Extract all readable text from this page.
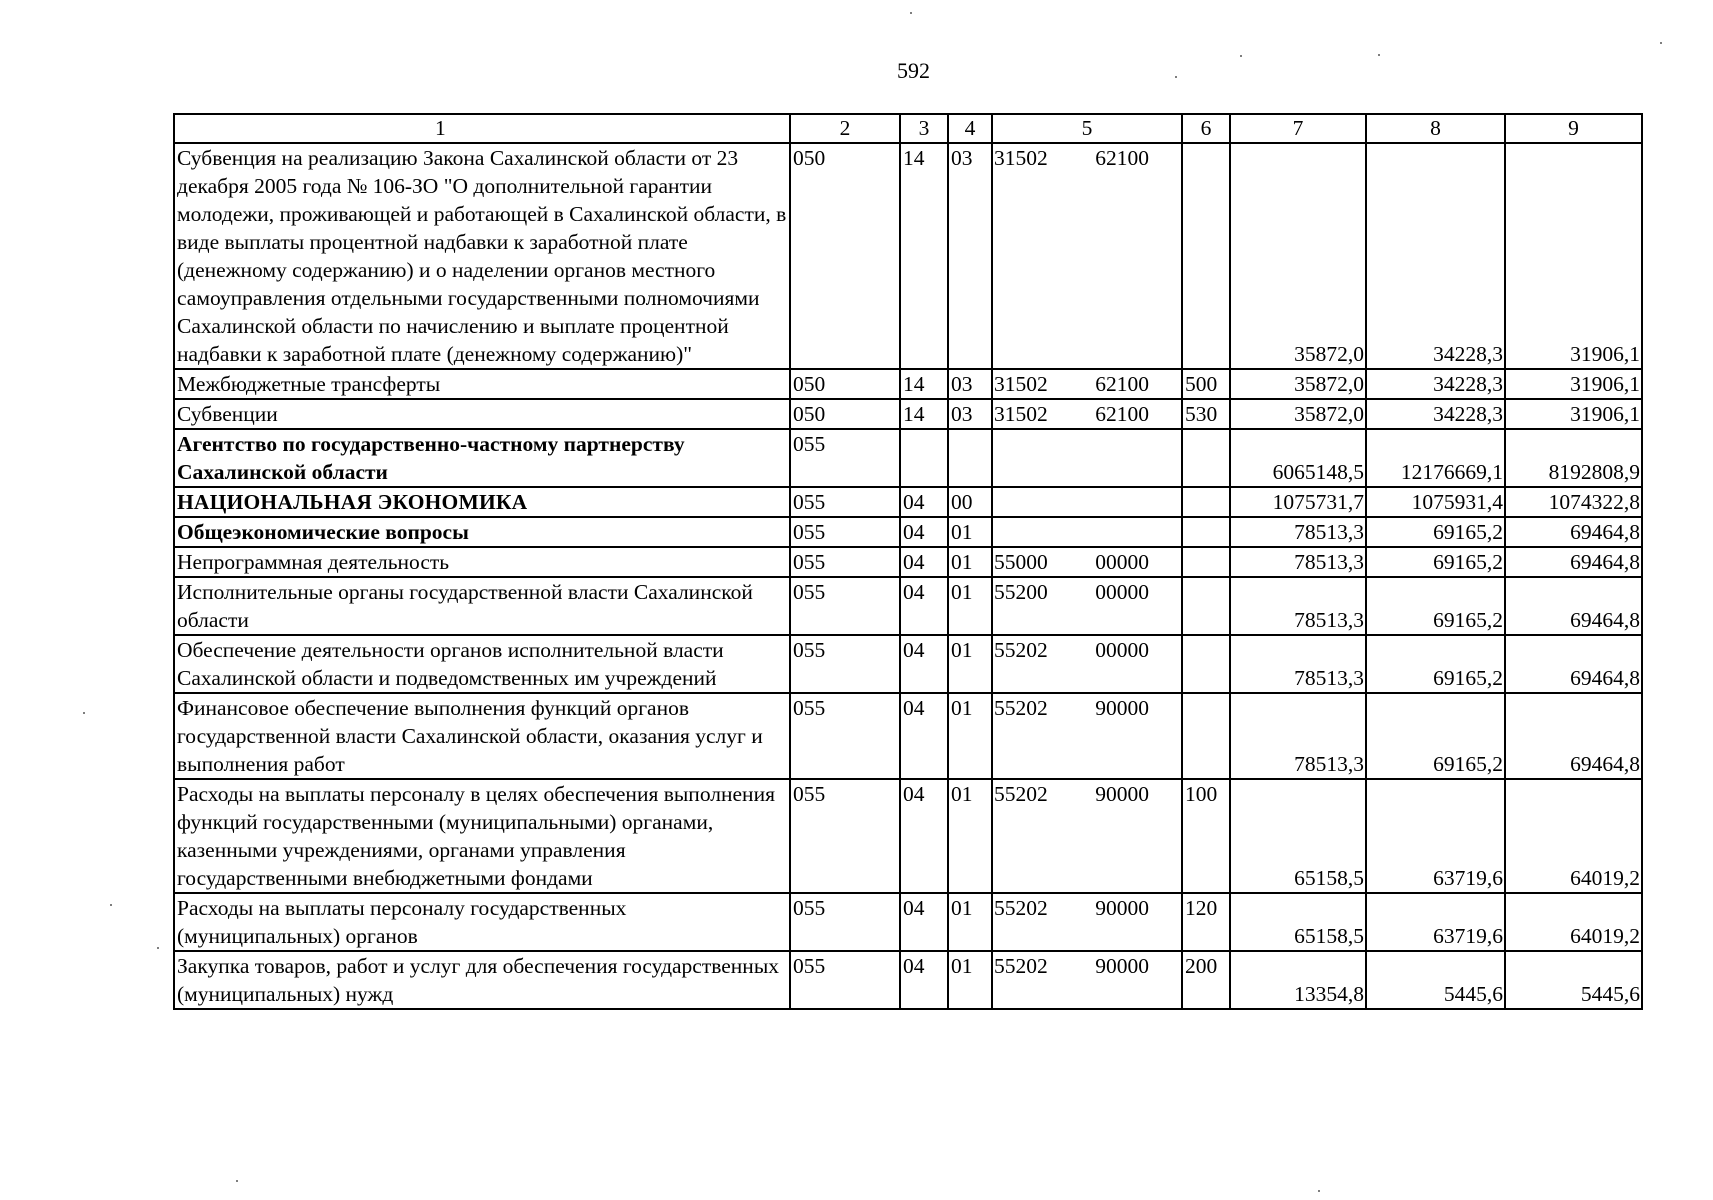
592
1	2	3	4	5	6	7	8	9
Субвенция на реализацию Закона Сахалинской области от 23 декабря 2005 года № 106-ЗО "О дополнительной гарантии молодежи, проживающей и работающей в Сахалинской области, в виде выплаты процентной надбавки к заработной плате (денежному содержанию) и о наделении органов местного самоуправления отдельными государственными полномочиями Сахалинской области по начислению и выплате процентной надбавки к заработной плате (денежному содержанию)"	050	14	03	31502 62100		35872,0	34228,3	31906,1
Межбюджетные трансферты	050	14	03	31502 62100	500	35872,0	34228,3	31906,1
Субвенции	050	14	03	31502 62100	530	35872,0	34228,3	31906,1
Агентство по государственно-частному партнерству Сахалинской области	055					6065148,5	12176669,1	8192808,9
НАЦИОНАЛЬНАЯ ЭКОНОМИКА	055	04	00			1075731,7	1075931,4	1074322,8
Общеэкономические вопросы	055	04	01			78513,3	69165,2	69464,8
Непрограммная деятельность	055	04	01	55000 00000		78513,3	69165,2	69464,8
Исполнительные органы государственной власти Сахалинской области	055	04	01	55200 00000		78513,3	69165,2	69464,8
Обеспечение деятельности органов исполнительной власти Сахалинской области и подведомственных им учреждений	055	04	01	55202 00000		78513,3	69165,2	69464,8
Финансовое обеспечение выполнения функций органов государственной власти Сахалинской области, оказания услуг и выполнения работ	055	04	01	55202 90000		78513,3	69165,2	69464,8
Расходы на выплаты персоналу в целях обеспечения выполнения функций государственными (муниципальными) органами, казенными учреждениями, органами управления государственными внебюджетными фондами	055	04	01	55202 90000	100	65158,5	63719,6	64019,2
Расходы на выплаты персоналу государственных (муниципальных) органов	055	04	01	55202 90000	120	65158,5	63719,6	64019,2
Закупка товаров, работ и услуг для обеспечения государственных (муниципальных) нужд	055	04	01	55202 90000	200	13354,8	5445,6	5445,6
